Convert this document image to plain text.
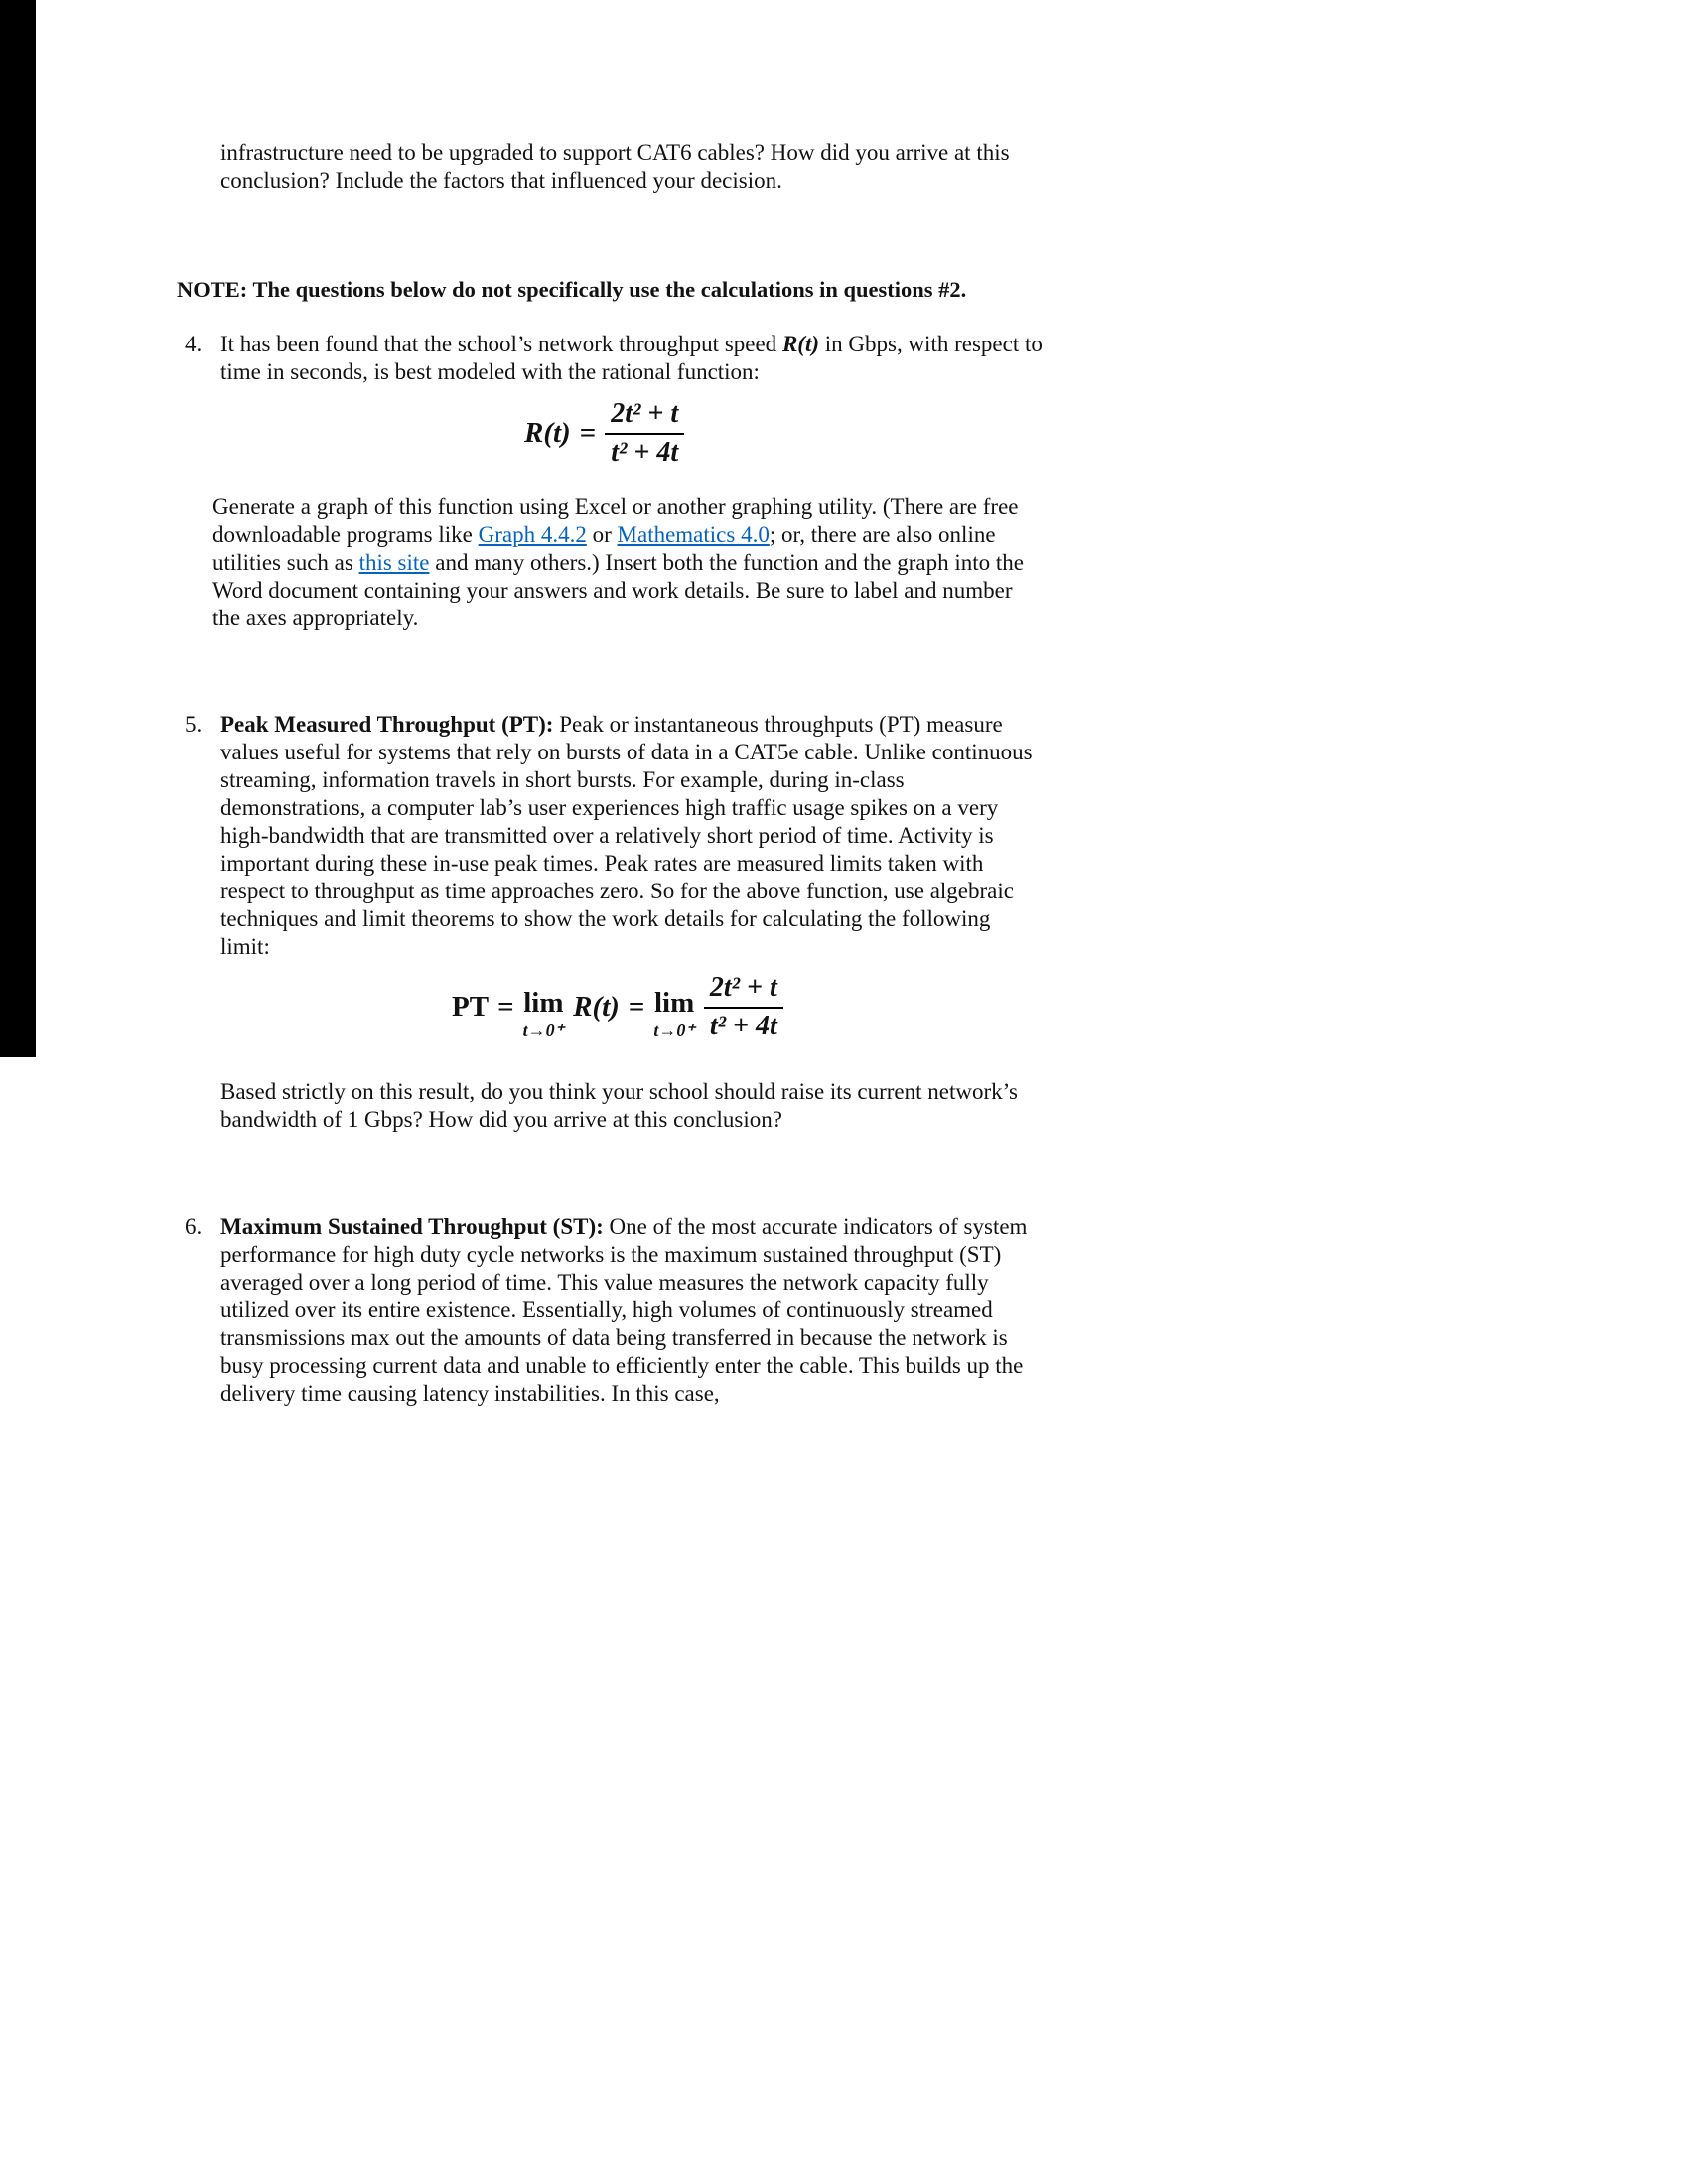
infrastructure need to be upgraded to support CAT6 cables? How did you arrive at this conclusion? Include the factors that influenced your decision.
NOTE: The questions below do not specifically use the calculations in questions #2.
4. It has been found that the school’s network throughput speed R(t) in Gbps, with respect to time in seconds, is best modeled with the rational function:
$R(t) = \frac{\text{2t² + t}}{\text{t² + 4t}}$
Generate a graph of this function using Excel or another graphing utility. (There are free downloadable programs like Graph 4.4.2 or Mathematics 4.0; or, there are also online utilities such as this site and many others.) Insert both the function and the graph into the Word document containing your answers and work details. Be sure to label and number the axes appropriately.
5. Peak Measured Throughput (PT): Peak or instantaneous throughputs (PT) measure values useful for systems that rely on bursts of data in a CAT5e cable. Unlike continuous streaming, information travels in short bursts. For example, during in-class demonstrations, a computer lab’s user experiences high traffic usage spikes on a very high-bandwidth that are transmitted over a relatively short period of time. Activity is important during these in-use peak times. Peak rates are measured limits taken with respect to throughput as time approaches zero. So for the above function, use algebraic techniques and limit theorems to show the work details for calculating the following limit:
PT = lim
t→0⁺
R(t) = lim
$t\to 0^+ \frac{\text{2t² + t}}{\text{t² + 4t}}$
Based strictly on this result, do you think your school should raise its current network’s bandwidth of 1 Gbps? How did you arrive at this conclusion?
6. Maximum Sustained Throughput (ST): One of the most accurate indicators of system performance for high duty cycle networks is the maximum sustained throughput (ST) averaged over a long period of time. This value measures the network capacity fully utilized over its entire existence. Essentially, high volumes of continuously streamed transmissions max out the amounts of data being transferred in because the network is busy processing current data and unable to efficiently enter the cable. This builds up the delivery time causing latency instabilities. In this case,
